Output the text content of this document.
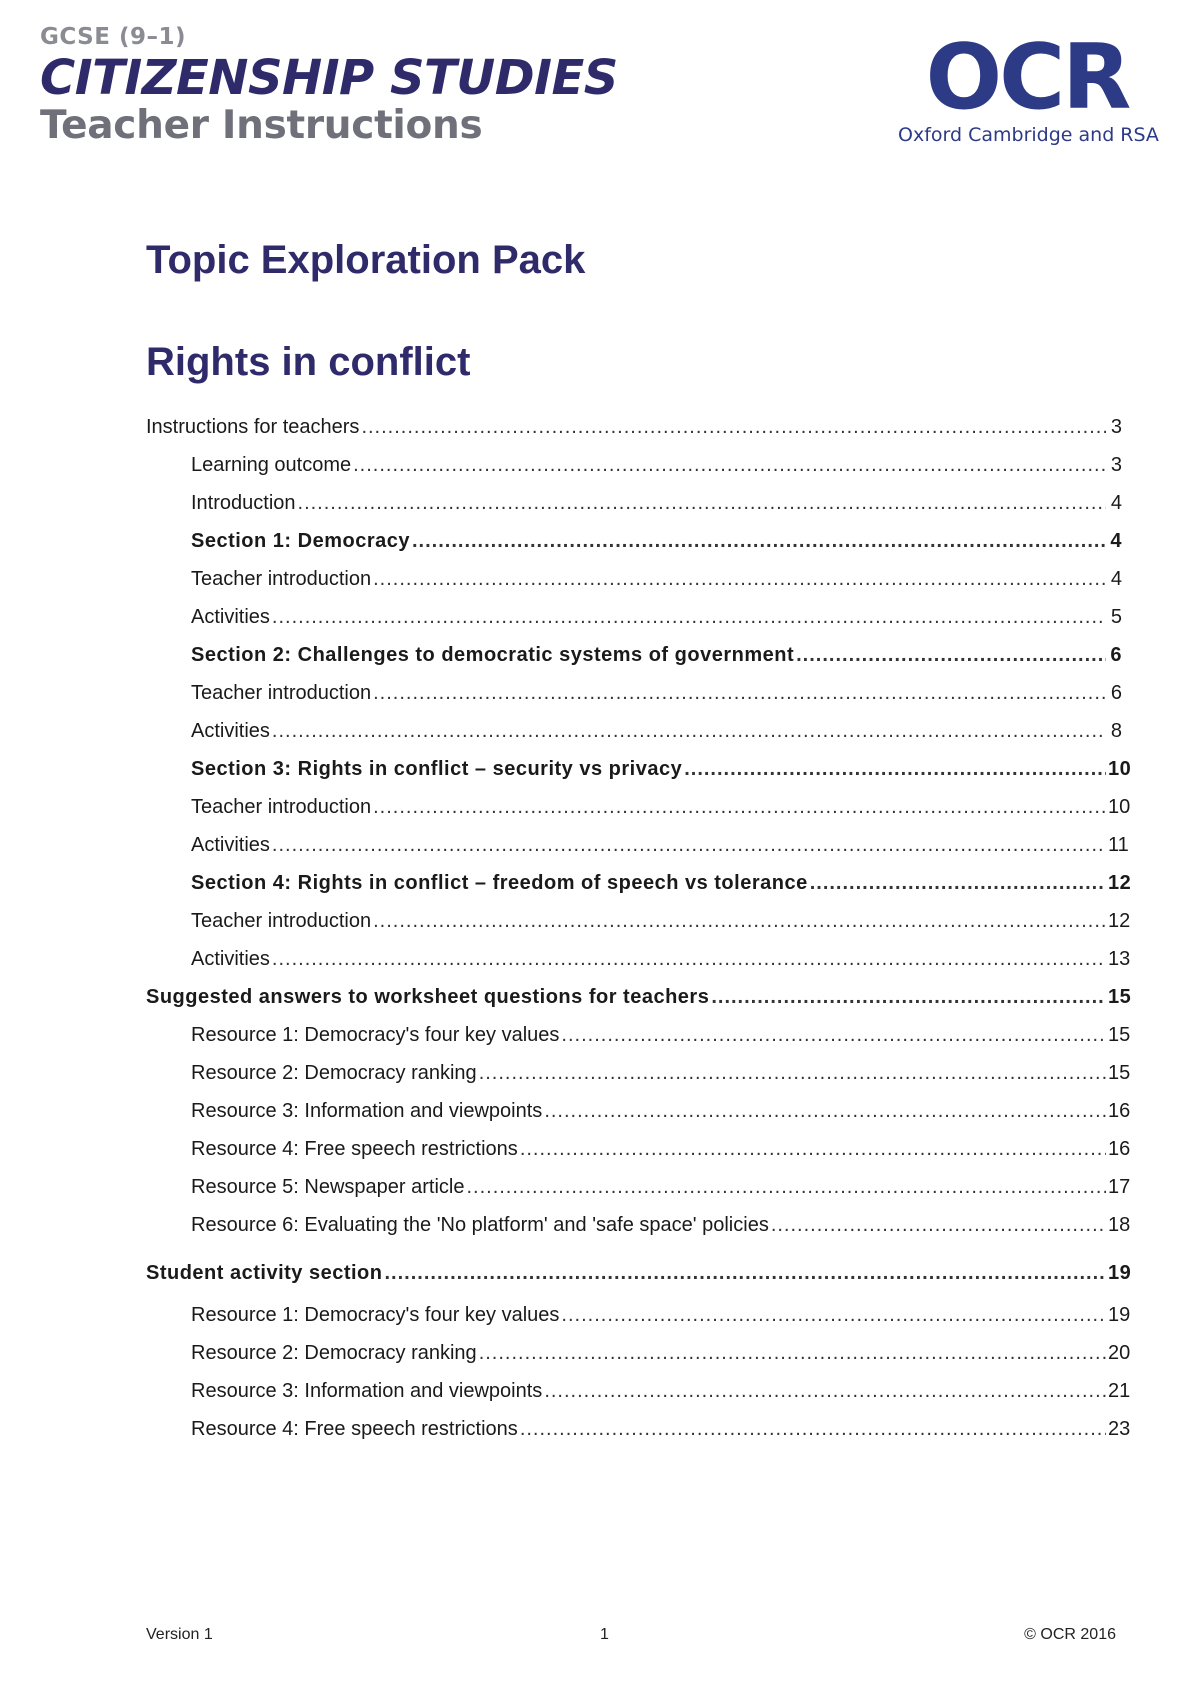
GCSE (9–1)
CITIZENSHIP STUDIES
Teacher Instructions	OCR
Oxford Cambridge and RSA
Topic Exploration Pack
Rights in conflict
Instructions for teachers .....	3
Learning outcome .....	3
Introduction .....	4
Section 1: Democracy .....	4
Teacher introduction .....	4
Activities .....	5
Section 2: Challenges to democratic systems of government .....	6
Teacher introduction .....	6
Activities .....	8
Section 3: Rights in conflict – security vs privacy .....	10
Teacher introduction .....	10
Activities .....	11
Section 4: Rights in conflict – freedom of speech vs tolerance .....	12
Teacher introduction .....	12
Activities .....	13
Suggested answers to worksheet questions for teachers .....	15
Resource 1: Democracy's four key values .....	15
Resource 2: Democracy ranking .....	15
Resource 3: Information and viewpoints .....	16
Resource 4: Free speech restrictions .....	16
Resource 5: Newspaper article .....	17
Resource 6: Evaluating the 'No platform' and 'safe space' policies .....	18
Student activity section .....	19
Resource 1: Democracy's four key values .....	19
Resource 2: Democracy ranking .....	20
Resource 3: Information and viewpoints .....	21
Resource 4: Free speech restrictions .....	23
Version 1	1	© OCR 2016
